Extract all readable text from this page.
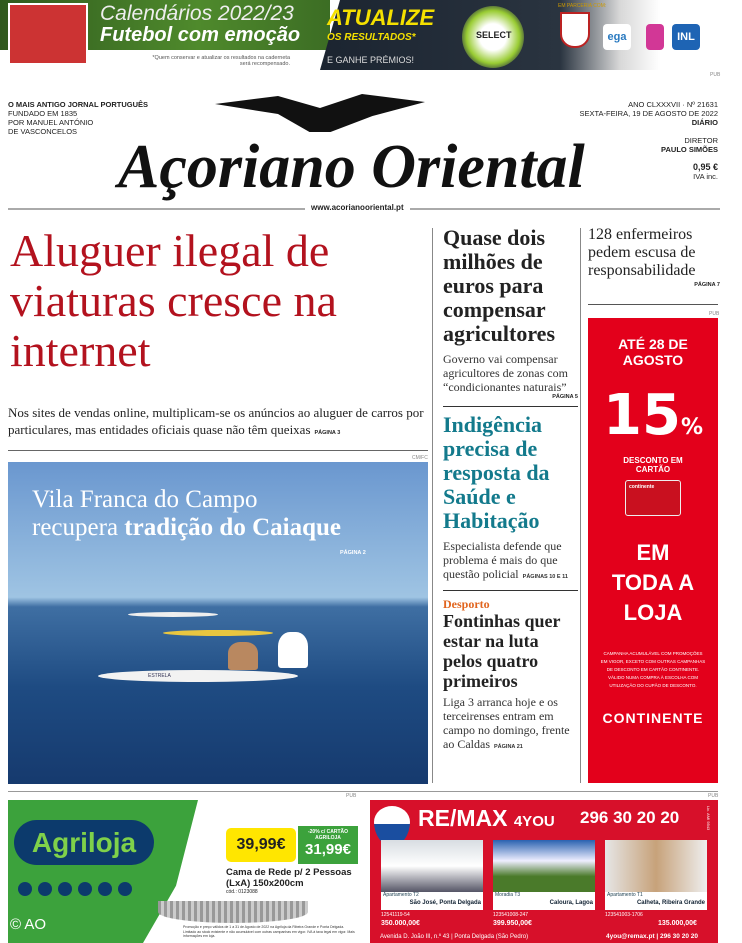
Calendários 2022/23
Futebol com emoção
*Quem conservar e atualizar os resultados na caderneta será recompensado.
ATUALIZE
OS RESULTADOS*
E GANHE PRÉMIOS!
SELECT
EM PARCERIA COM:
ega	INL
PUB
O MAIS ANTIGO JORNAL PORTUGUÊS
FUNDADO EM 1835
POR MANUEL ANTÓNIO
DE VASCONCELOS
Açoriano Oriental
ANO CLXXXVII · Nº 21631
SEXTA-FEIRA, 19 DE AGOSTO DE 2022
DIÁRIO
DIRETOR
PAULO SIMÕES
0,95 €
IVA inc.
www.acorianooriental.pt
Aluguer ilegal de viaturas cresce na internet
Nos sites de vendas online, multiplicam-se os anúncios ao aluguer de carros por particulares, mas entidades oficiais quase não têm queixas PÁGINA 3
CM/FC
Vila Franca do Campo
recupera tradição do Caiaque
PÁGINA 2
ESTRELA
Quase dois milhões de euros para compensar agricultores

Governo vai compensar agricultores de zonas com “condicionantes naturais”

PÁGINA 5
Indigência precisa de resposta da Saúde e Habitação

Especialista defende que problema é mais do que questão policial PÁGINAS 10 E 11

Desporto
Fontinhas quer estar na luta pelos quatro primeiros

Liga 3 arranca hoje e os terceirenses entram em campo no domingo, frente ao Caldas PÁGINA 21

128 enfermeiros pedem escusa de responsabilidade
PÁGINA 7
PUB
ATÉ 28 DE AGOSTO
15%
DESCONTO EM CARTÃO
continente
EM TODA A LOJA
CAMPANHA ACUMULÁVEL COM PROMOÇÕES EM VIGOR, EXCETO COM OUTRAS CAMPANHAS DE DESCONTO EM CARTÃO CONTINENTE. VÁLIDO NUMA COMPRA À ESCOLHA COM UTILIZAÇÃO DO CUPÃO DE DESCONTO.
CONTINENTE
PUB	PUB
Agriloja	39,99€
-20% c/ CARTÃO AGRILOJA
31,99€
Cama de Rede p/ 2 Pessoas
(LxA) 150x200cm
cód.: 0123088
Promoção e preço válidos de 1 a 31 de Agosto de 2022 na Agriloja da Ribeira Grande e Ponta Delgada. Limitado ao stock existente e não acumulável com outras campanhas em vigor. IVA à taxa legal em vigor. Mais informações em loja.
© AO
RE/MAX 4YOU 296 30 20 20	Lic. AMI 9543
Apartamento T2
São José, Ponta Delgada
Moradia T3
Caloura, Lagoa
Apartamento T1
Calheta, Ribeira Grande
12541119-54
350.000,00€
123541008-247
399.950,00€
123541003-1706
135.000,00€
Avenida D. João III, n.º 43 | Ponta Delgada (São Pedro)	4you@remax.pt | 296 30 20 20
